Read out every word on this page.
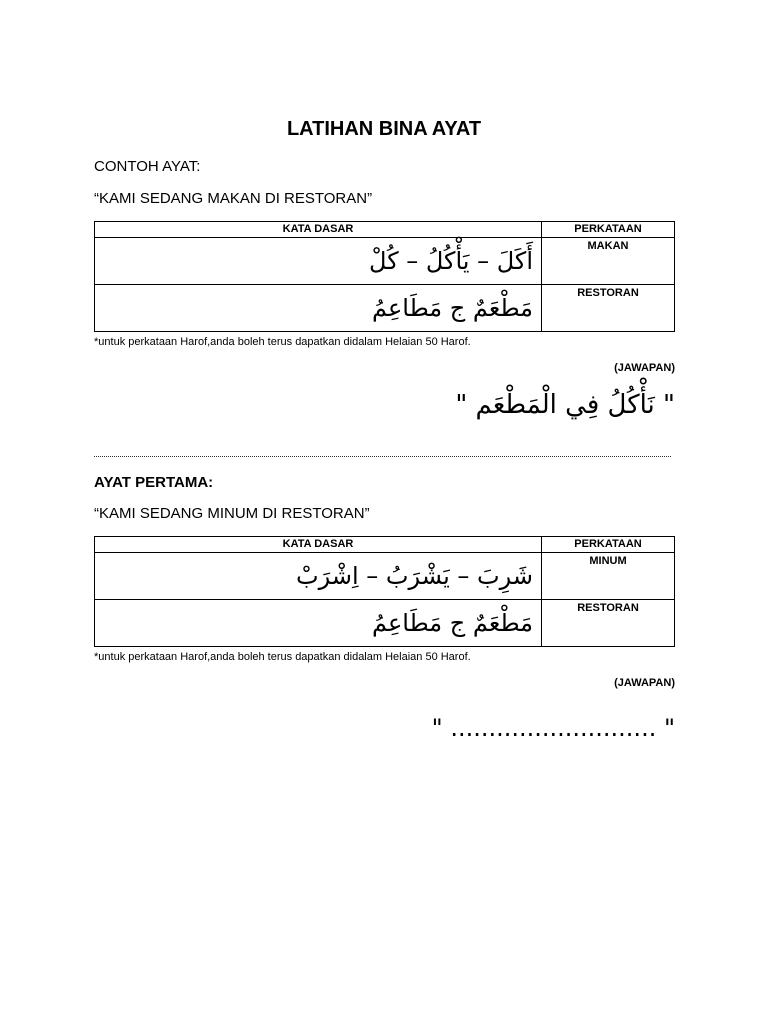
LATIHAN BINA AYAT
CONTOH AYAT:
“KAMI SEDANG MAKAN DI RESTORAN”
KATA DASAR	PERKATAAN
أَكَلَ – يَأْكُلُ – كُلْ	MAKAN
مَطْعَمٌ ج مَطَاعِمُ	RESTORAN
*untuk perkataan Harof,anda boleh terus dapatkan didalam Helaian 50 Harof.
(JAWAPAN)
" نَأْكُلُ فِي الْمَطْعَم "
AYAT PERTAMA:
“KAMI SEDANG MINUM DI RESTORAN”
KATA DASAR	PERKATAAN
شَرِبَ – يَشْرَبُ – اِشْرَبْ	MINUM
مَطْعَمٌ ج مَطَاعِمُ	RESTORAN
*untuk perkataan Harof,anda boleh terus dapatkan didalam Helaian 50 Harof.
(JAWAPAN)
" ........................... "
